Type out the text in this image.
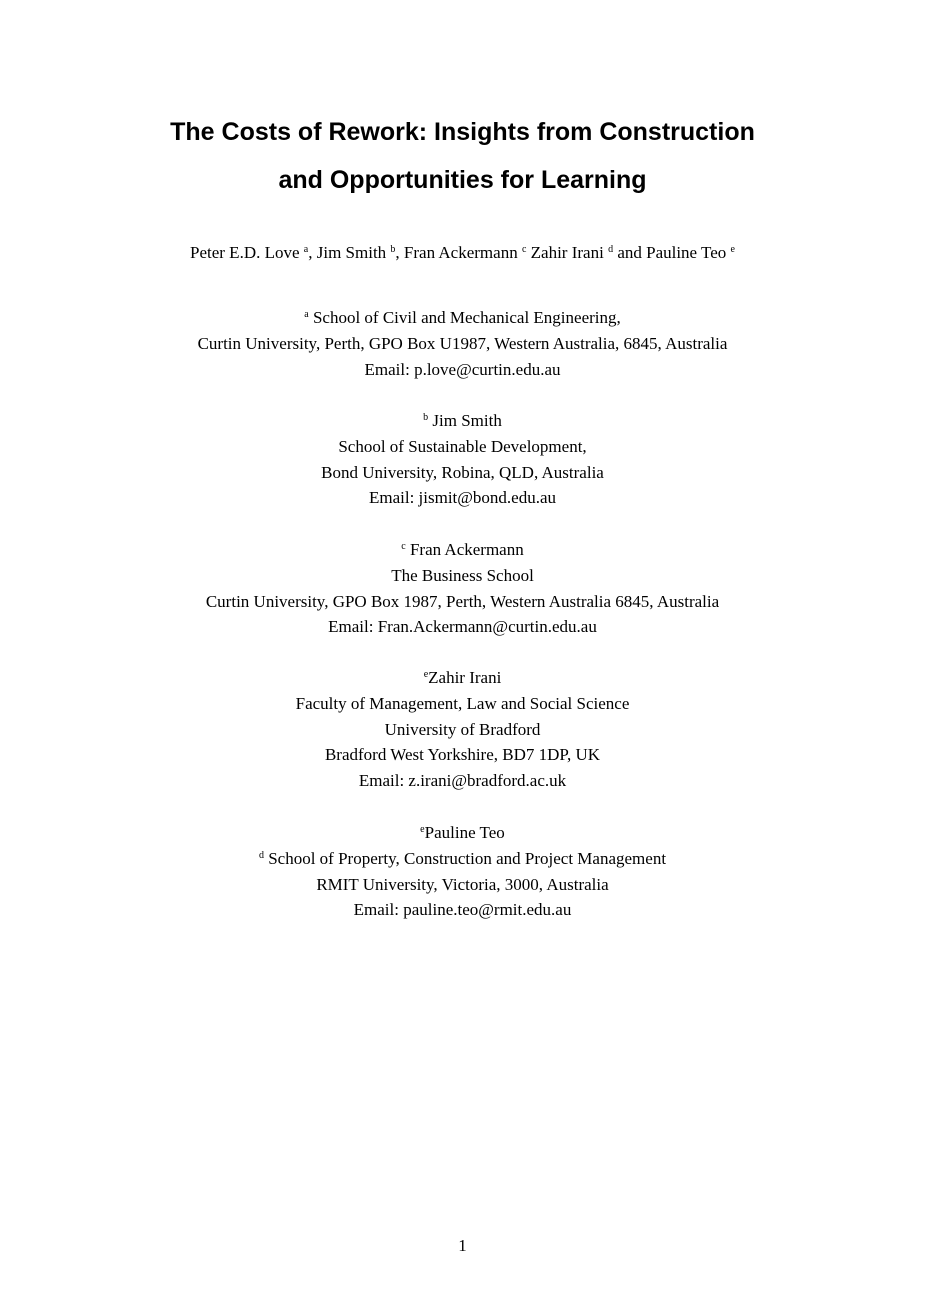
The Costs of Rework: Insights from Construction
and Opportunities for Learning

Peter E.D. Love $^a$, Jim Smith $^b$, Fran Ackermann $^c$ Zahir Irani $^d$ and Pauline Teo $^e$

$^a$ School of Civil and Mechanical Engineering,
Curtin University, Perth, GPO Box U1987, Western Australia, 6845, Australia
Email: p.love@curtin.edu.au
$^b$ Jim Smith
School of Sustainable Development,
Bond University, Robina, QLD, Australia
Email: jismit@bond.edu.au
$^c$ Fran Ackermann
The Business School
Curtin University, GPO Box 1987, Perth, Western Australia 6845, Australia
Email: Fran.Ackermann@curtin.edu.au
$^e$Zahir Irani
Faculty of Management, Law and Social Science
University of Bradford
Bradford West Yorkshire, BD7 1DP, UK
Email: z.irani@bradford.ac.uk
$^e$Pauline Teo
$^d$ School of Property, Construction and Project Management
RMIT University, Victoria, 3000, Australia
Email: pauline.teo@rmit.edu.au
1
